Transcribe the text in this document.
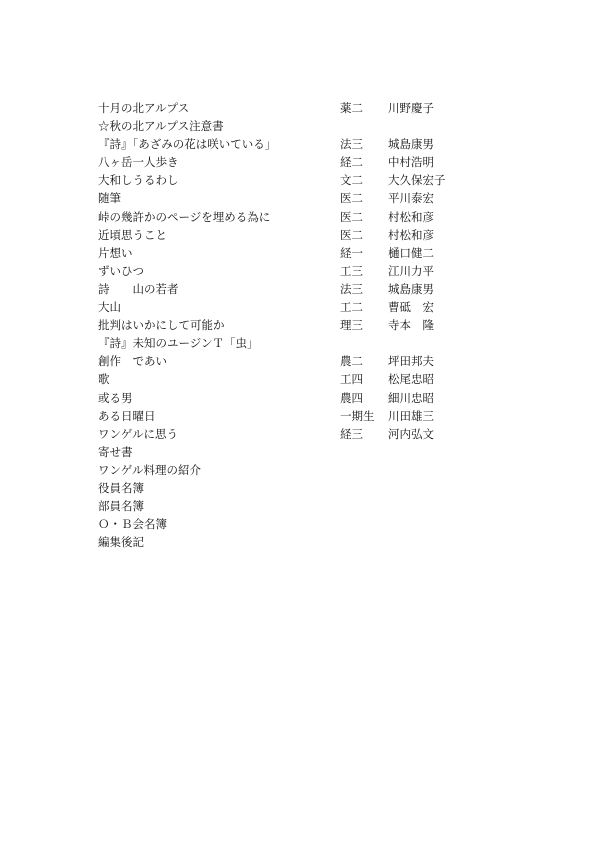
十月の北アルプス	薬二 川野慶子
☆秋の北アルプス注意書
『詩』「あざみの花は咲いている」	法三 城島康男
八ヶ岳一人歩き	経二 中村浩明
大和しうるわし	文二 大久保宏子
随筆	医二 平川泰宏
峠の幾許かのページを埋める為に	医二 村松和彦
近頃思うこと	医二 村松和彦
片想い	経一 樋口健二
ずいひつ	工三 江川力平
詩　　山の若者	法三 城島康男
大山	工二 曹砥　宏
批判はいかにして可能か	理三 寺本　隆
『詩』未知のユージンＴ「虫」
創作　であい	農二 坪田邦夫
歌	工四 松尾忠昭
或る男	農四 細川忠昭
ある日曜日	一期生 川田雄三
ワンゲルに思う	経三 河内弘文
寄せ書
ワンゲル料理の紹介
役員名簿
部員名簿
Ｏ・Ｂ会名簿
編集後記
